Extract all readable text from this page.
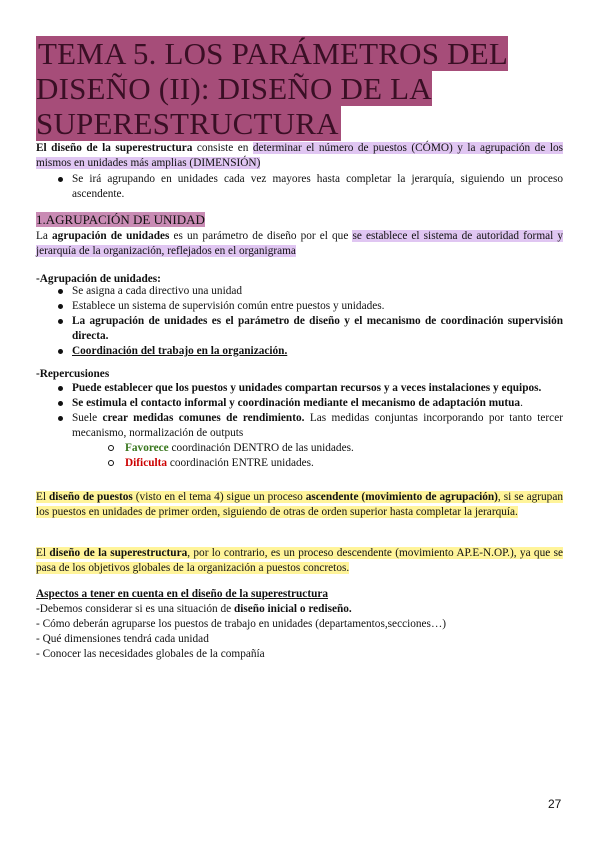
TEMA 5. LOS PARÁMETROS DEL DISEÑO (II): DISEÑO DE LA SUPERESTRUCTURA
El diseño de la superestructura consiste en determinar el número de puestos (CÓMO) y la agrupación de los mismos en unidades más amplias (DIMENSIÓN)
Se irá agrupando en unidades cada vez mayores hasta completar la jerarquía, siguiendo un proceso ascendente.
1.AGRUPACIÓN DE UNIDAD
La agrupación de unidades es un parámetro de diseño por el que se establece el sistema de autoridad formal y jerarquía de la organización, reflejados en el organigrama
-Agrupación de unidades:
Se asigna a cada directivo una unidad
Establece un sistema de supervisión común entre puestos y unidades.
La agrupación de unidades es el parámetro de diseño y el mecanismo de coordinación supervisión directa.
Coordinación del trabajo en la organización.
-Repercusiones
Puede establecer que los puestos y unidades compartan recursos y a veces instalaciones y equipos.
Se estimula el contacto informal y coordinación mediante el mecanismo de adaptación mutua.
Suele crear medidas comunes de rendimiento. Las medidas conjuntas incorporando por tanto tercer mecanismo, normalización de outputs
Favorece coordinación DENTRO de las unidades.
Dificulta coordinación ENTRE unidades.
El diseño de puestos (visto en el tema 4) sigue un proceso ascendente (movimiento de agrupación), si se agrupan los puestos en unidades de primer orden, siguiendo de otras de orden superior hasta completar la jerarquía.
El diseño de la superestructura, por lo contrario, es un proceso descendente (movimiento AP.E-N.OP.), ya que se pasa de los objetivos globales de la organización a puestos concretos.
Aspectos a tener en cuenta en el diseño de la superestructura
-Debemos considerar si es una situación de diseño inicial o rediseño.
- Cómo deberán agruparse los puestos de trabajo en unidades (departamentos,secciones…)
- Qué dimensiones tendrá cada unidad
- Conocer las necesidades globales de la compañía
27
